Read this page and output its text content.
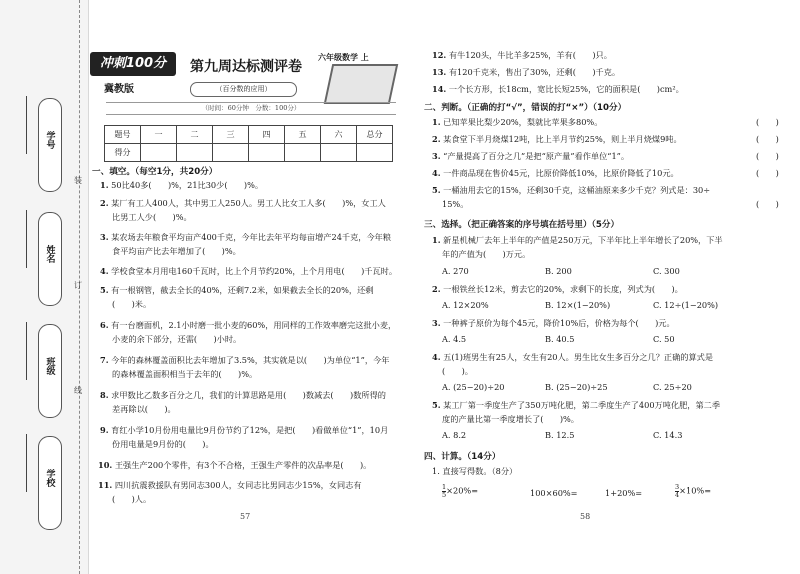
学号
姓名
班级
学校
装
订
线
冲刺100分
冀教版
第九周达标测评卷
（百分数的应用）
六年级数学 上
（时间：60分钟　分数：100分）
题号	一	二	三	四	五	六	总分
得分							
一、填空。（每空1分，共20分）
1. 50比40多(　　)%，21比30少(　　)%。
2. 某厂有工人400人，其中男工人250人。男工人比女工人多(　　)%，女工人
比男工人少(　　)%。
3. 某农场去年粮食平均亩产400千克，今年比去年平均每亩增产24千克，今年粮
食平均亩产比去年增加了(　　)%。
4. 学校食堂本月用电160千瓦时，比上个月节约20%，上个月用电(　　)千瓦时。
5. 有一根钢管，截去全长的40%，还剩7.2米，如果截去全长的20%，还剩
(　　)米。
6. 有一台磨面机，2.1小时磨一批小麦的60%，用同样的工作效率磨完这批小麦，
小麦的余下部分，还需(　　)小时。
7. 今年的森林覆盖面积比去年增加了3.5%，其实就是以(　　)为单位“1”，今年
的森林覆盖面积相当于去年的(　　)%。
8. 求甲数比乙数多百分之几，我们的计算思路是用(　　)数减去(　　)数所得的
差再除以(　　)。
9. 育红小学10月份用电量比9月份节约了12%，是把(　　)看做单位“1”，10月
份用电量是9月份的(　　)。
10. 王强生产200个零件，有3个不合格，王强生产零件的次品率是(　　)。
11. 四川抗震救援队有男同志300人，女同志比男同志少15%，女同志有
(　　)人。
57
12. 有牛120头，牛比羊多25%，羊有(　　)只。
13. 有120千克米，售出了30%，还剩(　　)千克。
14. 一个长方形，长18cm，宽比长短25%，它的面积是(　　)cm²。
二、判断。（正确的打“√”，错误的打“×”）（10分）
1. 已知苹果比梨少20%，梨就比苹果多80%。	(　　)
2. 某食堂下半月烧煤12吨，比上半月节约25%，则上半月烧煤9吨。	(　　)
3. “产量提高了百分之几”是把“原产量”看作单位“1”。	(　　)
4. 一件商品现在售价45元，比原价降低10%，比原价降低了10元。	(　　)
5. 一桶油用去它的15%，还剩30千克，这桶油原来多少千克？列式是：30÷
15%。	(　　)
三、选择。（把正确答案的序号填在括号里）（5分）
1. 新星机械厂去年上半年的产值是250万元，下半年比上半年增长了20%，下半
年的产值为(　　)万元。
A. 270	B. 200	C. 300
2. 一根铁丝长12米，剪去它的20%，求剩下的长度，列式为(　　)。
A. 12×20%	B. 12×(1−20%)	C. 12÷(1−20%)
3. 一种裤子原价为每个45元，降价10%后，价格为每个(　　)元。
A. 4.5	B. 40.5	C. 50
4. 五(1)班男生有25人，女生有20人。男生比女生多百分之几？正确的算式是
(　　)。
A. (25−20)÷20	B. (25−20)÷25	C. 25÷20
5. 某工厂第一季度生产了350万吨化肥，第二季度生产了400万吨化肥，第二季
度的产量比第一季度增长了(　　)%。
A. 8.2	B. 12.5	C. 14.3
四、计算。（14分）
1. 直接写得数。（8分）
$\frac{1}{5} \times 20\%=$	100×60%=	1+20%=	$\frac{3}{4} \times 10\%=$
58
